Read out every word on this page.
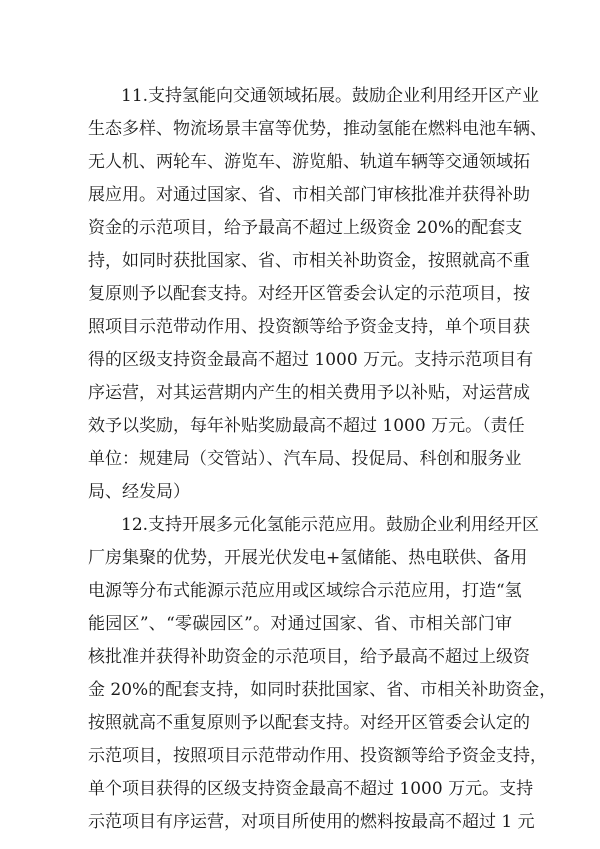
11.支持氢能向交通领域拓展。鼓励企业利用经开区产业

生态多样、物流场景丰富等优势，推动氢能在燃料电池车辆、

无人机、两轮车、游览车、游览船、轨道车辆等交通领域拓

展应用。对通过国家、省、市相关部门审核批准并获得补助

资金的示范项目，给予最高不超过上级资金 20%的配套支

持，如同时获批国家、省、市相关补助资金，按照就高不重

复原则予以配套支持。对经开区管委会认定的示范项目，按

照项目示范带动作用、投资额等给予资金支持，单个项目获

得的区级支持资金最高不超过 1000 万元。支持示范项目有

序运营，对其运营期内产生的相关费用予以补贴，对运营成

效予以奖励，每年补贴奖励最高不超过 1000 万元。（责任

单位：规建局（交管站）、汽车局、投促局、科创和服务业

局、经发局）

12.支持开展多元化氢能示范应用。鼓励企业利用经开区

厂房集聚的优势，开展光伏发电+氢储能、热电联供、备用

电源等分布式能源示范应用或区域综合示范应用，打造“氢

能园区”、“零碳园区”。对通过国家、省、市相关部门审

核批准并获得补助资金的示范项目，给予最高不超过上级资

金 20%的配套支持，如同时获批国家、省、市相关补助资金，

按照就高不重复原则予以配套支持。对经开区管委会认定的

示范项目，按照项目示范带动作用、投资额等给予资金支持，

单个项目获得的区级支持资金最高不超过 1000 万元。支持

示范项目有序运营，对项目所使用的燃料按最高不超过 1 元
